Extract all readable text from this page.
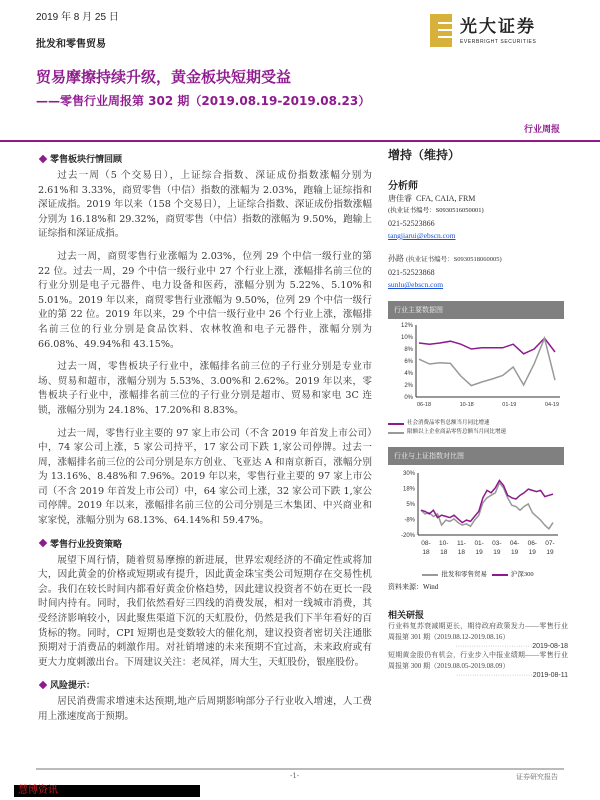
2019 年 8 月 25 日
批发和零售贸易
光大证券
EVERBRIGHT SECURITIES
贸易摩擦持续升级，黄金板块短期受益
——零售行业周报第 302 期（2019.08.19-2019.08.23）
行业周报
零售板块行情回顾

过去一周（5 个交易日），上证综合指数、深证成份指数涨幅分别为 2.61%和 3.33%，商贸零售（中信）指数的涨幅为 2.03%，跑输上证综指和深证成指。2019 年以来（158 个交易日），上证综合指数、深证成份指数涨幅分别为 16.18%和 29.32%，商贸零售（中信）指数的涨幅为 9.50%，跑输上证综指和深证成指。

过去一周，商贸零售行业涨幅为 2.03%，位列 29 个中信一级行业的第 22 位。过去一周，29 个中信一级行业中 27 个行业上涨，涨幅排名前三位的行业分别是电子元器件、电力设备和医药，涨幅分别为 5.22%、5.10%和 5.01%。2019 年以来，商贸零售行业涨幅为 9.50%，位列 29 个中信一级行业的第 22 位。2019 年以来，29 个中信一级行业中 26 个行业上涨，涨幅排名前三位的行业分别是食品饮料、农林牧渔和电子元器件，涨幅分别为 66.08%、49.94%和 43.15%。

过去一周，零售板块子行业中，涨幅排名前三位的子行业分别是专业市场、贸易和超市，涨幅分别为 5.53%、3.00%和 2.62%。2019 年以来，零售板块子行业中，涨幅排名前三位的子行业分别是超市、贸易和家电 3C 连锁，涨幅分别为 24.18%、17.20%和 8.83%。

过去一周，零售行业主要的 97 家上市公司（不含 2019 年首发上市公司）中，74 家公司上涨，5 家公司持平，17 家公司下跌 1,家公司停牌。过去一周，涨幅排名前三位的公司分别是东方创业、飞亚达 A 和南京新百，涨幅分别为 13.16%、8.48%和 7.96%。2019 年以来，零售行业主要的 97 家上市公司（不含 2019 年首发上市公司）中，64 家公司上涨，32 家公司下跌 1,家公司停牌。2019 年以来，涨幅排名前三位的公司分别是三木集团、中兴商业和家家悦，涨幅分别为 68.13%、64.14%和 59.47%。

零售行业投资策略

展望下周行情，随着贸易摩擦的新进展，世界宏观经济的不确定性或将加大，因此黄金的价格或短期或有提升，因此黄金珠宝类公司短期存在交易性机会。我们在较长时间内都看好黄金价格趋势，因此建议投资者不妨在更长一段时间内持有。同时，我们依然看好三四线的消费发展，相对一线城市消费，其受经济影响较小，因此聚焦渠道下沉的天虹股份，仍然是我们下半年看好的百货标的物。同时，CPI 短期也是变数较大的催化剂，建议投资者密切关注通胀预期对于消费品的刺激作用。对社销增速的未来预期不宜过高，未来政府或有更大力度刺激出台。下周建议关注：老凤祥，周大生，天虹股份，银座股份。

风险提示：

居民消费需求增速未达预期,地产后周期影响部分子行业收入增速，人工费用上涨速度高于预期。

增持（维持）
分析师
唐佳睿 CFA, CAIA, FRM
(执业证书编号：S0930516050001)
021-52523866
tangjiarui@ebscn.com
孙路 (执业证书编号：S0930518060005)
021-52523868
sunlu@ebscn.com
行业主要数据图
0%
2%
4%
6%
8%
10%
12%
06-18	10-18	01-19	04-19
社会消费品零售总额当月同比增速
限额以上企业商品零售总额当月同比增速
行业与上证指数对比图
-20%
-8%
5%
18%
30%
08-
18
10-
18
11-
18
01-
19
03-
19
04-
19
06-
19
07-
19
批发和零售贸易
	沪深300
资料来源：Wind
相关研报
行业料复苏衰减期更长，期待政府政策发力——零售行业周报第 301 期（2019.08.12-2019.08.16）
·································2019-08-18
短期黄金股仍有机会，行业步入中报业绩期——零售行业周报第 300 期（2019.08.05-2019.08.09）
·································2019-08-11
-1-	证券研究报告
慧博资讯
